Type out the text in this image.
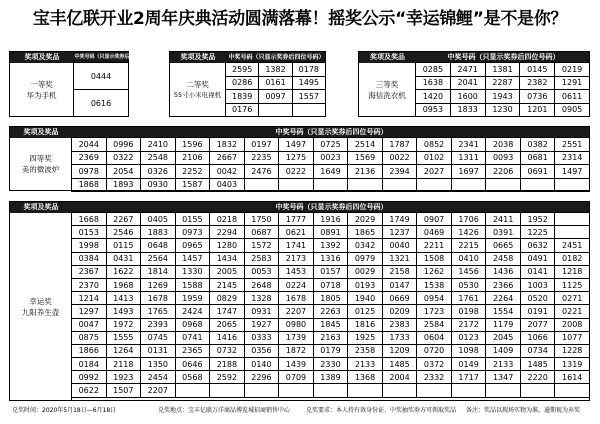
宝丰亿联开业2周年庆典活动圆满落幕！摇奖公示“幸运锦鲤”是不是你？
奖项及奖品	中奖号码（只显示奖券后四位号码）
一等奖
华为手机
0444
0616
奖项及奖品	中奖号码（只显示奖券后四位号码）
二等奖
55寸小米电视机
2595	1382	0178
0286	0161	1495
1839	0097	1557
0176		
奖项及奖品	中奖号码（只显示奖券后四位号码）
三等奖
海信洗衣机
0285	2471	1381	0145	0219
1638	2041	2287	2382	1291
1420	1600	1943	0736	0611
0953	1833	1230	1201	0905
奖项及奖品	中奖号码（只显示奖券后四位号码）
四等奖
美的微波炉
2044	0996	2410	1596	1832	0197	1497	0725	2514	1787	0852	2341	2038	0382	2551
2369	0322	2548	2106	2667	2235	1275	0023	1569	0022	0102	1311	0093	0681	2314
0978	2054	0326	2252	0042	2476	0222	1649	2136	2394	2027	1697	2206	0691	1497
1868	1893	0930	1587	0403										
奖项及奖品	中奖号码（只显示奖券后四位号码）
幸运奖
九阳养生壶
1668	2267	0405	0155	0218	1750	1777	1916	2029	1749	0907	1706	2411	1952	
0153	2546	1883	0973	2294	0687	0621	0891	1865	1237	0469	1426	0391	1225	
1998	0115	0648	0965	1280	1572	1741	1392	0342	0040	2211	2215	0665	0632	2451
0384	0431	2564	1457	1434	2583	2173	1316	0979	1321	1508	0410	2458	0491	0182
2367	1622	1814	1330	2005	0053	1453	0157	0029	2158	1262	1456	1436	0141	1218
2370	1968	1269	1588	2145	2648	0224	0718	0193	0147	1538	0530	2366	1003	1125
1214	1413	1678	1959	0829	1328	1678	1805	1940	0669	0954	1761	2264	0520	0271
1297	1493	1765	2424	1747	0931	2207	2263	0125	0209	1723	0198	1554	0191	0221
0047	1972	2393	0968	2065	1927	0980	1845	1816	2383	2584	2172	1179	2077	2008
0875	1555	0745	0741	1416	0333	1739	2163	1925	1733	0604	0123	2045	1066	1077
1866	1264	0131	2365	0732	0356	1872	0179	2358	1209	0720	1098	1409	0734	1228
0184	2118	1350	0646	2188	0140	1439	2330	2133	1485	0372	0149	2133	1485	1319
0992	1923	2454	0568	2592	2296	0709	1389	1368	2004	2332	1717	1347	2220	1614
0622	1507	2207												
兑奖时间：2020年5月18日—6月18日	兑奖地点：宝丰亿联万洋商品博览城招商销售中心	兑奖要求：本人持有效身份证、中奖抽奖券方可领取奖品 备注：奖品以现场实物为准，逾期视为弃奖
